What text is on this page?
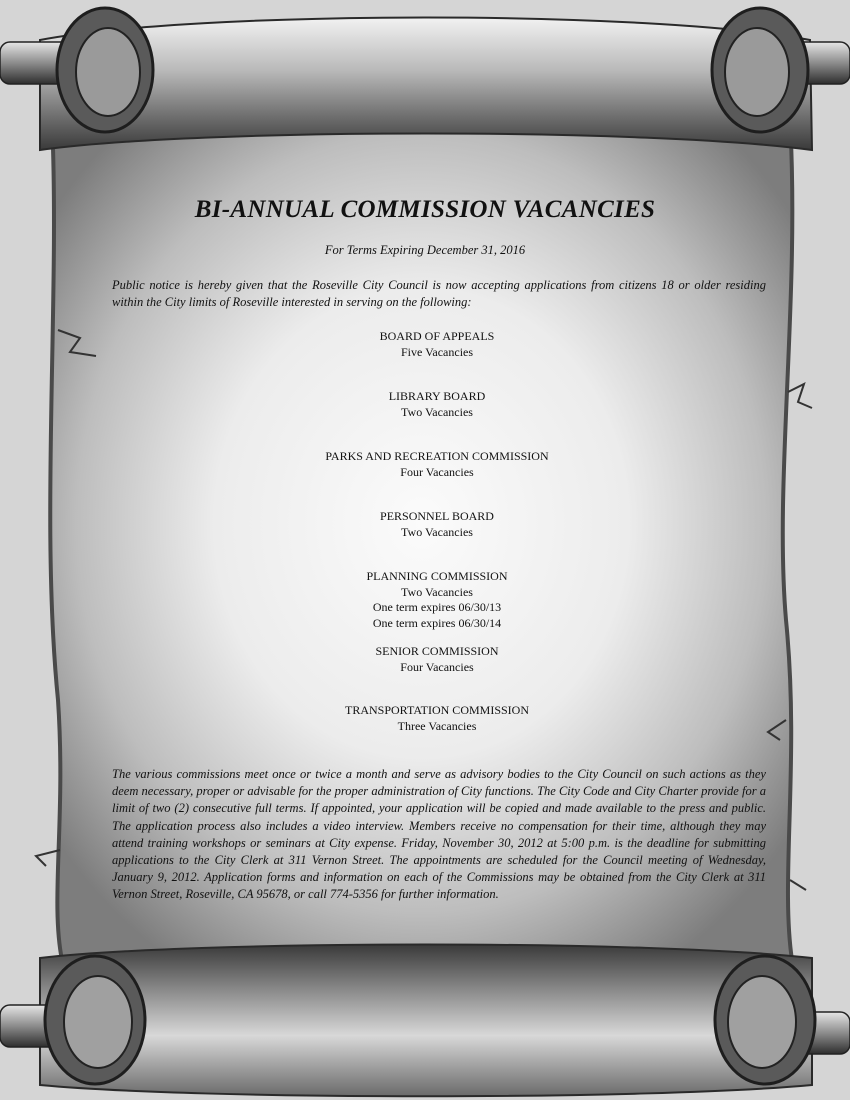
BI-ANNUAL COMMISSION VACANCIES
For Terms Expiring December 31, 2016
Public notice is hereby given that the Roseville City Council is now accepting applications from citizens 18 or older residing within the City limits of Roseville interested in serving on the following:
BOARD OF APPEALS
Five Vacancies
LIBRARY BOARD
Two Vacancies
PARKS AND RECREATION COMMISSION
Four Vacancies
PERSONNEL BOARD
Two Vacancies
PLANNING COMMISSION
Two Vacancies
One term expires 06/30/13
One term expires 06/30/14
SENIOR COMMISSION
Four Vacancies
TRANSPORTATION COMMISSION
Three Vacancies
The various commissions meet once or twice a month and serve as advisory bodies to the City Council on such actions as they deem necessary, proper or advisable for the proper administration of City functions. The City Code and City Charter provide for a limit of two (2) consecutive full terms. If appointed, your application will be copied and made available to the press and public. The application process also includes a video interview. Members receive no compensation for their time, although they may attend training workshops or seminars at City expense. Friday, November 30, 2012 at 5:00 p.m. is the deadline for submitting applications to the City Clerk at 311 Vernon Street. The appointments are scheduled for the Council meeting of Wednesday, January 9, 2012. Application forms and information on each of the Commissions may be obtained from the City Clerk at 311 Vernon Street, Roseville, CA 95678, or call 774-5356 for further information.
